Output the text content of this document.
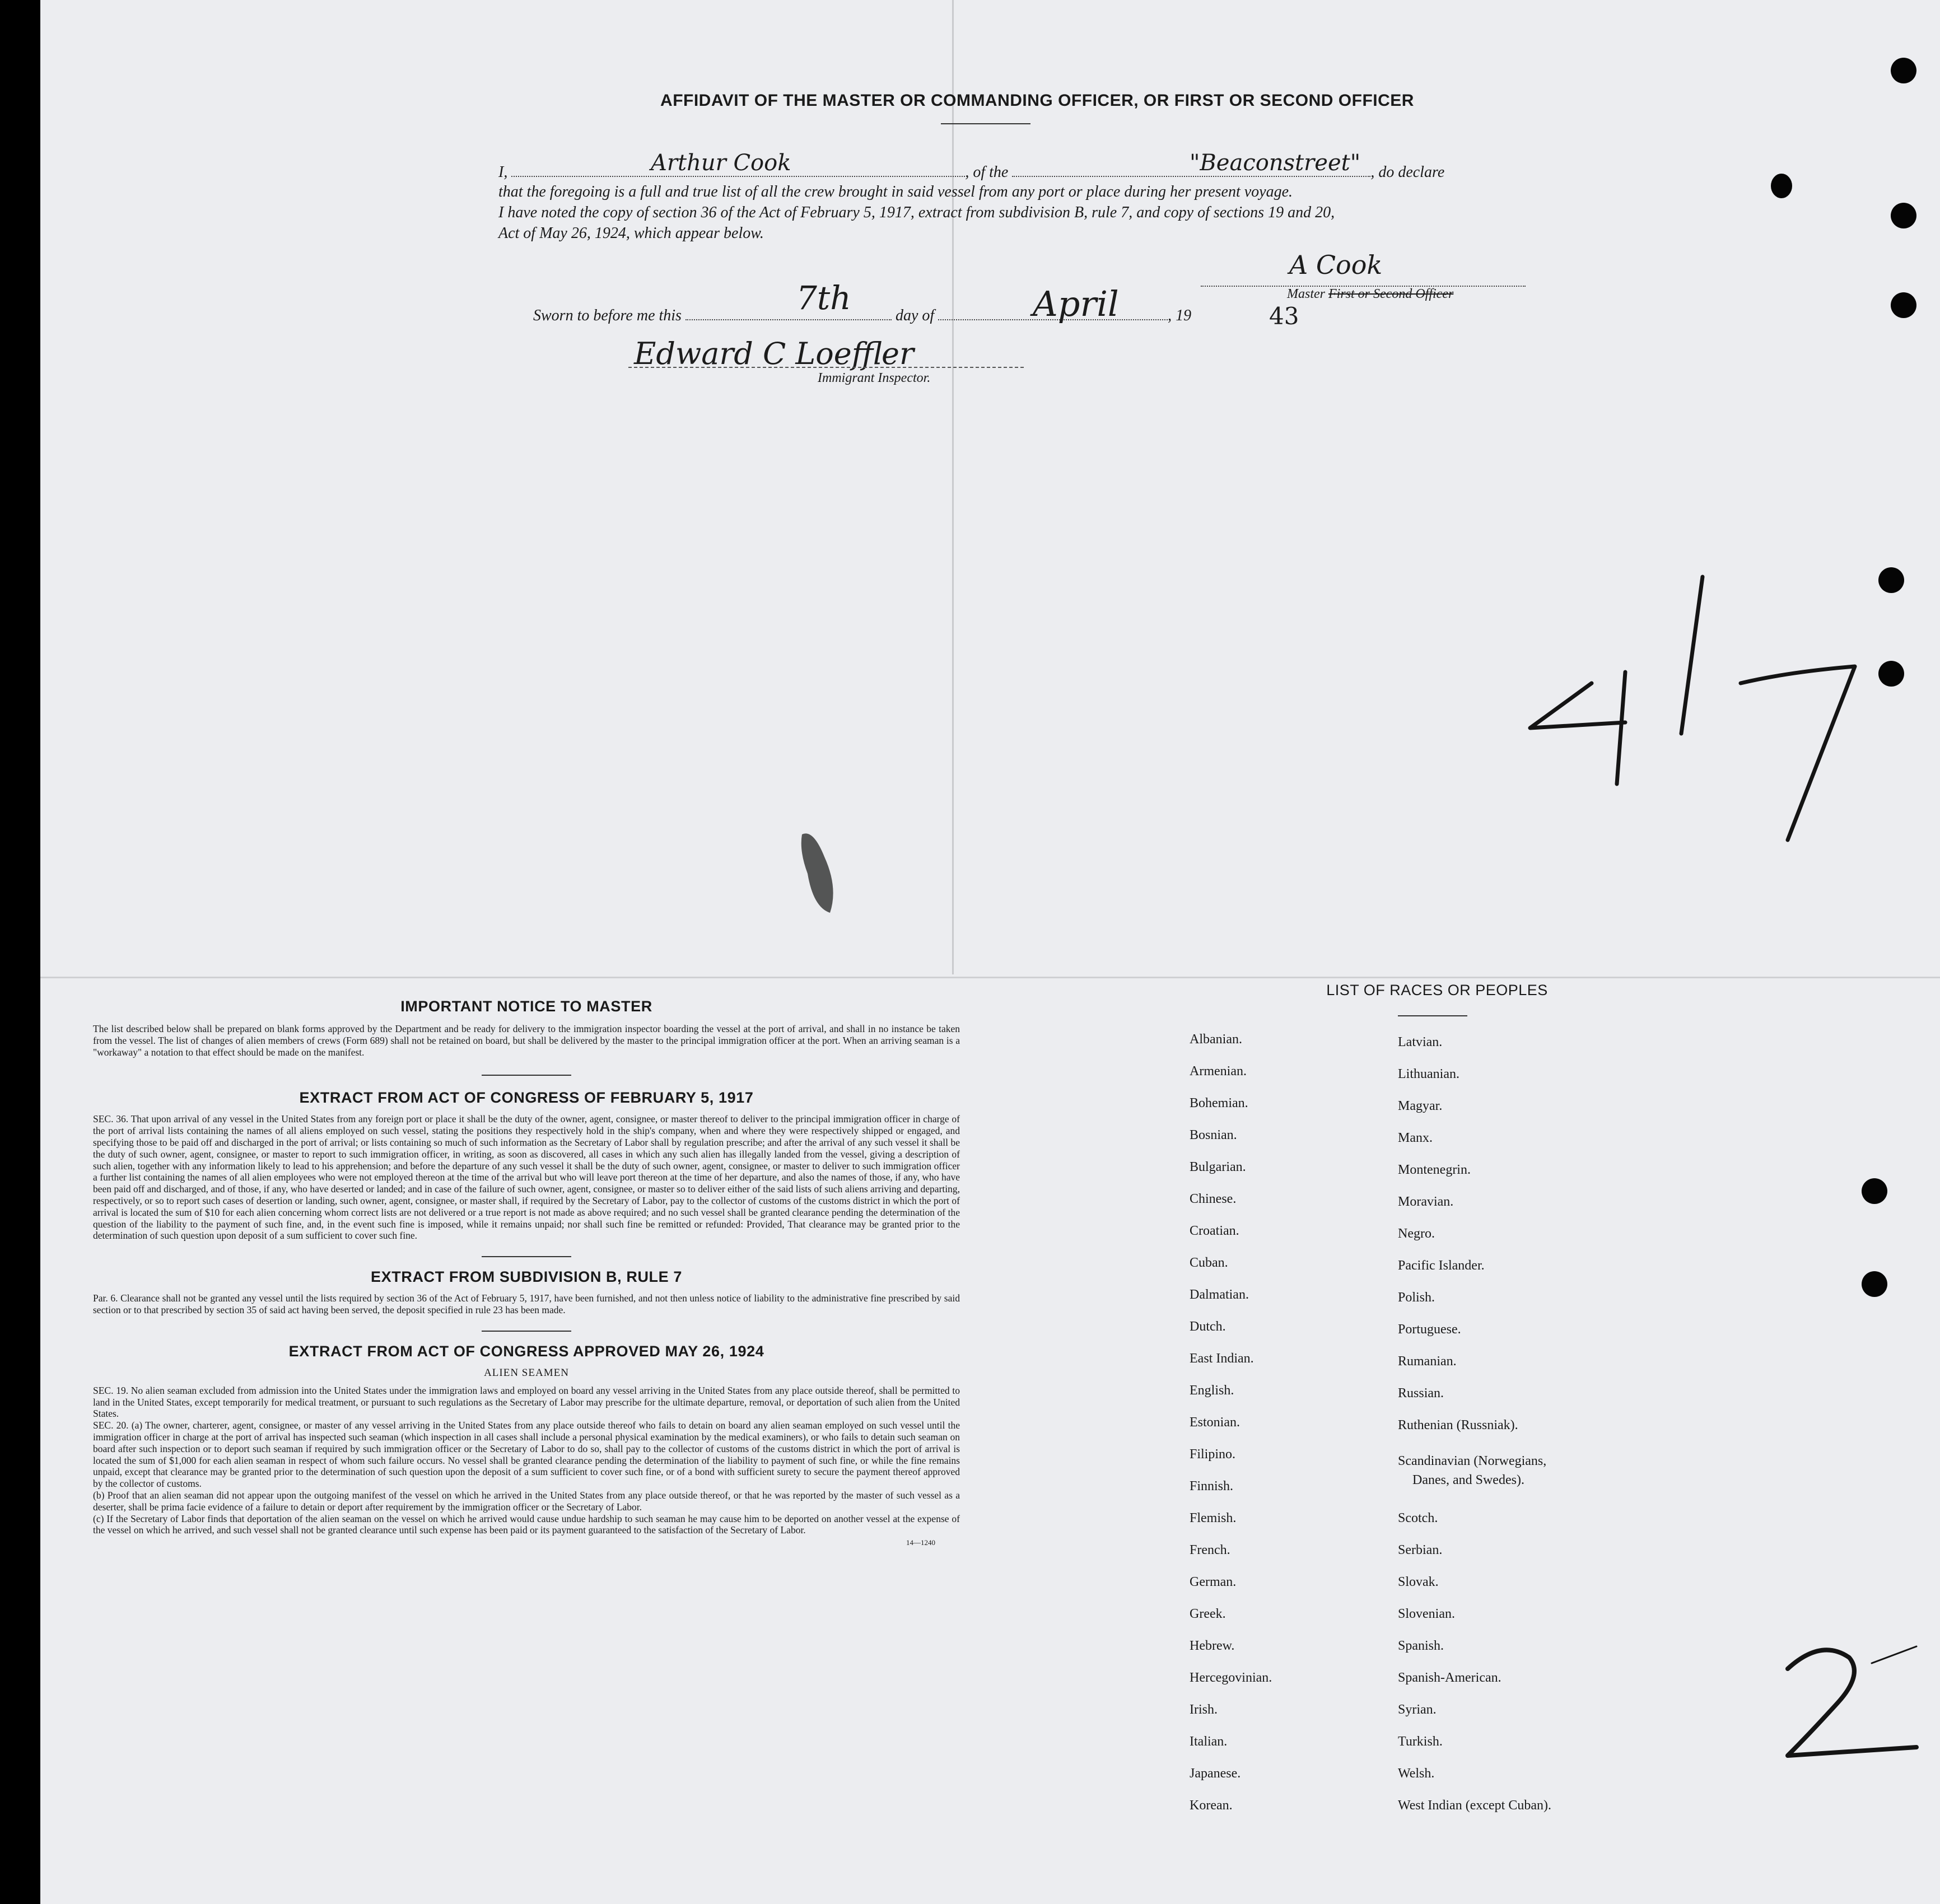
AFFIDAVIT OF THE MASTER OR COMMANDING OFFICER, OR FIRST OR SECOND OFFICER
I,	, of the	, do declare
Arthur Cook	"Beaconstreet"
that the foregoing is a full and true list of all the crew brought in said vessel from any port or place during her present voyage.
I have noted the copy of section 36 of the Act of February 5, 1917, extract from subdivision B, rule 7, and copy of sections 19 and 20,
Act of May 26, 1924, which appear below.
A Cook
Master First or Second Officer
Sworn to before me this	day of	, 19
7th	April	43
Edward C Loeffler
Immigrant Inspector.
IMPORTANT NOTICE TO MASTER

The list described below shall be prepared on blank forms approved by the Department and be ready for delivery to the immigration inspector boarding the vessel at the port of arrival, and shall in no instance be taken from the vessel. The list of changes of alien members of crews (Form 689) shall not be retained on board, but shall be delivered by the master to the principal immigration officer at the port. When an arriving seaman is a "workaway" a notation to that effect should be made on the manifest.

EXTRACT FROM ACT OF CONGRESS OF FEBRUARY 5, 1917

SEC. 36. That upon arrival of any vessel in the United States from any foreign port or place it shall be the duty of the owner, agent, consignee, or master thereof to deliver to the principal immigration officer in charge of the port of arrival lists containing the names of all aliens employed on such vessel, stating the positions they respectively hold in the ship's company, when and where they were respectively shipped or engaged, and specifying those to be paid off and discharged in the port of arrival; or lists containing so much of such information as the Secretary of Labor shall by regulation prescribe; and after the arrival of any such vessel it shall be the duty of such owner, agent, consignee, or master to report to such immigration officer, in writing, as soon as discovered, all cases in which any such alien has illegally landed from the vessel, giving a description of such alien, together with any information likely to lead to his apprehension; and before the departure of any such vessel it shall be the duty of such owner, agent, consignee, or master to deliver to such immigration officer a further list containing the names of all alien employees who were not employed thereon at the time of the arrival but who will leave port thereon at the time of her departure, and also the names of those, if any, who have been paid off and discharged, and of those, if any, who have deserted or landed; and in case of the failure of such owner, agent, consignee, or master so to deliver either of the said lists of such aliens arriving and departing, respectively, or so to report such cases of desertion or landing, such owner, agent, consignee, or master shall, if required by the Secretary of Labor, pay to the collector of customs of the customs district in which the port of arrival is located the sum of $10 for each alien concerning whom correct lists are not delivered or a true report is not made as above required; and no such vessel shall be granted clearance pending the determination of the question of the liability to the payment of such fine, and, in the event such fine is imposed, while it remains unpaid; nor shall such fine be remitted or refunded: Provided, That clearance may be granted prior to the determination of such question upon deposit of a sum sufficient to cover such fine.

EXTRACT FROM SUBDIVISION B, RULE 7

Par. 6. Clearance shall not be granted any vessel until the lists required by section 36 of the Act of February 5, 1917, have been furnished, and not then unless notice of liability to the administrative fine prescribed by said section or to that prescribed by section 35 of said act having been served, the deposit specified in rule 23 has been made.

EXTRACT FROM ACT OF CONGRESS APPROVED MAY 26, 1924

ALIEN SEAMEN

SEC. 19. No alien seaman excluded from admission into the United States under the immigration laws and employed on board any vessel arriving in the United States from any place outside thereof, shall be permitted to land in the United States, except temporarily for medical treatment, or pursuant to such regulations as the Secretary of Labor may prescribe for the ultimate departure, removal, or deportation of such alien from the United States.

SEC. 20. (a) The owner, charterer, agent, consignee, or master of any vessel arriving in the United States from any place outside thereof who fails to detain on board any alien seaman employed on such vessel until the immigration officer in charge at the port of arrival has inspected such seaman (which inspection in all cases shall include a personal physical examination by the medical examiners), or who fails to detain such seaman on board after such inspection or to deport such seaman if required by such immigration officer or the Secretary of Labor to do so, shall pay to the collector of customs of the customs district in which the port of arrival is located the sum of $1,000 for each alien seaman in respect of whom such failure occurs. No vessel shall be granted clearance pending the determination of the liability to payment of such fine, or while the fine remains unpaid, except that clearance may be granted prior to the determination of such question upon the deposit of a sum sufficient to cover such fine, or of a bond with sufficient surety to secure the payment thereof approved by the collector of customs.

(b) Proof that an alien seaman did not appear upon the outgoing manifest of the vessel on which he arrived in the United States from any place outside thereof, or that he was reported by the master of such vessel as a deserter, shall be prima facie evidence of a failure to detain or deport after requirement by the immigration officer or the Secretary of Labor.

(c) If the Secretary of Labor finds that deportation of the alien seaman on the vessel on which he arrived would cause undue hardship to such seaman he may cause him to be deported on another vessel at the expense of the vessel on which he arrived, and such vessel shall not be granted clearance until such expense has been paid or its payment guaranteed to the satisfaction of the Secretary of Labor.

14—1240

LIST OF RACES OR PEOPLES
Albanian.
Armenian.
Bohemian.
Bosnian.
Bulgarian.
Chinese.
Croatian.
Cuban.
Dalmatian.
Dutch.
East Indian.
English.
Estonian.
Filipino.
Finnish.
Flemish.
French.
German.
Greek.
Hebrew.
Hercegovinian.
Irish.
Italian.
Japanese.
Korean.
Latvian.
Lithuanian.
Magyar.
Manx.
Montenegrin.
Moravian.
Negro.
Pacific Islander.
Polish.
Portuguese.
Rumanian.
Russian.
Ruthenian (Russniak).
Scandinavian (Norwegians,
Danes, and Swedes).
Scotch.
Serbian.
Slovak.
Slovenian.
Spanish.
Spanish-American.
Syrian.
Turkish.
Welsh.
West Indian (except Cuban).
